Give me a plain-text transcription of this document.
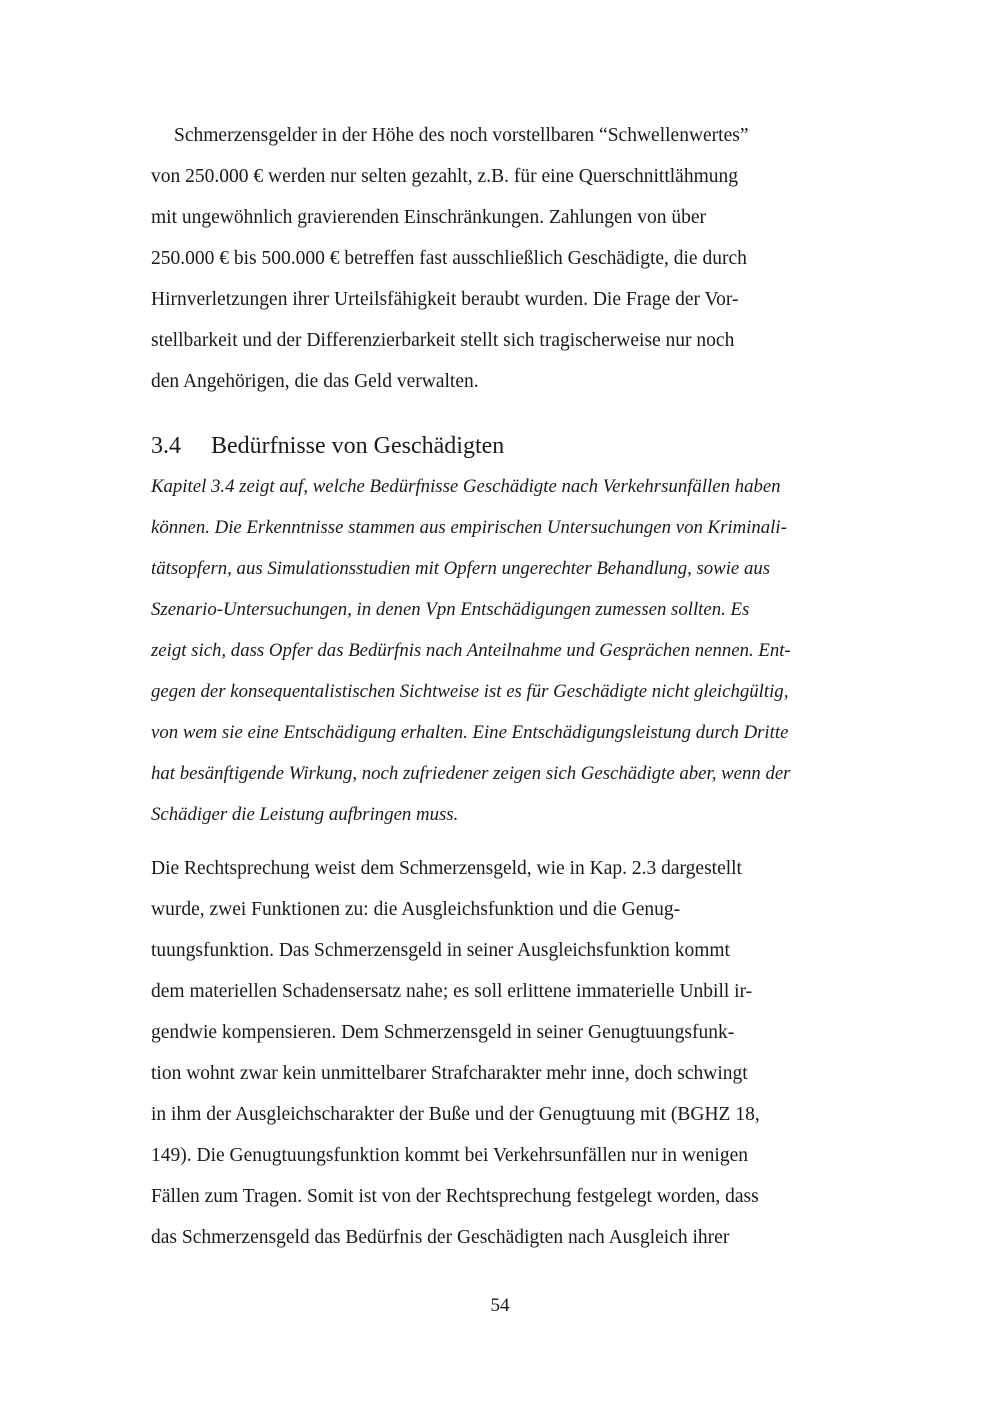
Schmerzensgelder in der Höhe des noch vorstellbaren “Schwellenwertes”
von 250.000 € werden nur selten gezahlt, z.B. für eine Querschnittlähmung
mit ungewöhnlich gravierenden Einschränkungen. Zahlungen von über
250.000 € bis 500.000 € betreffen fast ausschließlich Geschädigte, die durch
Hirnverletzungen ihrer Urteilsfähigkeit beraubt wurden. Die Frage der Vor-
stellbarkeit und der Differenzierbarkeit stellt sich tragischerweise nur noch
den Angehörigen, die das Geld verwalten.
3.4 Bedürfnisse von Geschädigten
Kapitel 3.4 zeigt auf, welche Bedürfnisse Geschädigte nach Verkehrsunfällen haben
können. Die Erkenntnisse stammen aus empirischen Untersuchungen von Kriminali-
tätsopfern, aus Simulationsstudien mit Opfern ungerechter Behandlung, sowie aus
Szenario-Untersuchungen, in denen Vpn Entschädigungen zumessen sollten. Es
zeigt sich, dass Opfer das Bedürfnis nach Anteilnahme und Gesprächen nennen. Ent-
gegen der konsequentalistischen Sichtweise ist es für Geschädigte nicht gleichgültig,
von wem sie eine Entschädigung erhalten. Eine Entschädigungsleistung durch Dritte
hat besänftigende Wirkung, noch zufriedener zeigen sich Geschädigte aber, wenn der
Schädiger die Leistung aufbringen muss.
Die Rechtsprechung weist dem Schmerzensgeld, wie in Kap. 2.3 dargestellt
wurde, zwei Funktionen zu: die Ausgleichsfunktion und die Genug-
tuungsfunktion. Das Schmerzensgeld in seiner Ausgleichsfunktion kommt
dem materiellen Schadensersatz nahe; es soll erlittene immaterielle Unbill ir-
gendwie kompensieren. Dem Schmerzensgeld in seiner Genugtuungsfunk-
tion wohnt zwar kein unmittelbarer Strafcharakter mehr inne, doch schwingt
in ihm der Ausgleichscharakter der Buße und der Genugtuung mit (BGHZ 18,
149). Die Genugtuungsfunktion kommt bei Verkehrsunfällen nur in wenigen
Fällen zum Tragen. Somit ist von der Rechtsprechung festgelegt worden, dass
das Schmerzensgeld das Bedürfnis der Geschädigten nach Ausgleich ihrer
54
